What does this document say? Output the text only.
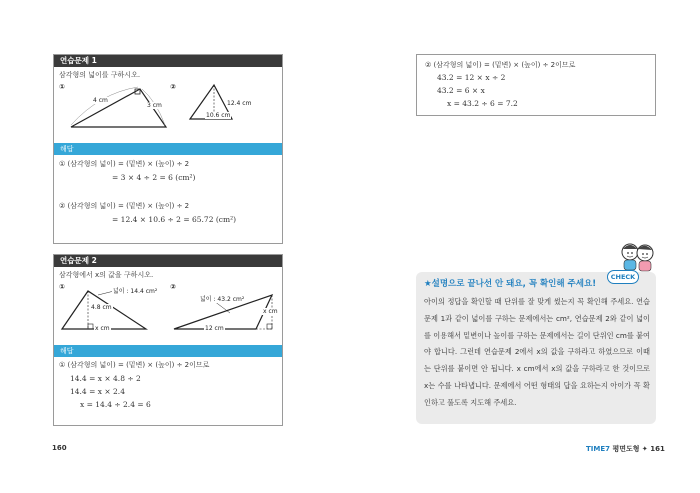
연습문제 1
삼각형의 넓이를 구하시오.
①	②
4 cm
3 cm	12.4 cm
10.6 cm
해답
① (삼각형의 넓이) = (밑변) × (높이) ÷ 2
= 3 × 4 ÷ 2 = 6 (cm²)
② (삼각형의 넓이) = (밑변) × (높이) ÷ 2
= 12.4 × 10.6 ÷ 2 = 65.72 (cm²)
연습문제 2
삼각형에서 x의 값을 구하시오.
①	②
넓이 : 14.4 cm²
4.8 cm
x cm
넓이 : 43.2 cm²
x cm
12 cm
해답
① (삼각형의 넓이) = (밑변) × (높이) ÷ 2이므로
14.4 = x × 4.8 ÷ 2
14.4 = x × 2.4
x = 14.4 ÷ 2.4 = 6
160
② (삼각형의 넓이) = (밑변) × (높이) ÷ 2이므로
43.2 = 12 × x ÷ 2
43.2 = 6 × x
x = 43.2 ÷ 6 = 7.2
★설명으로 끝나선 안 돼요, 꼭 확인해 주세요!
아이의 정답을 확인할 때 단위를 잘 맞게 썼는지 꼭 확인해 주세요. 연습문제 1과 같이 넓이를 구하는 문제에서는 cm², 연습문제 2와 같이 넓이를 이용해서 밑변이나 높이를 구하는 문제에서는 길이 단위인 cm를 붙여야 합니다. 그런데 연습문제 2에서 x의 값을 구하라고 하였으므로 이때는 단위를 붙이면 안 됩니다. x cm에서 x의 값을 구하라고 한 것이므로 x는 수를 나타냅니다. 문제에서 어떤 형태의 답을 요하는지 아이가 꼭 확인하고 풀도록 지도해 주세요.
CHECK
TIME7 평면도형 ✦ 161
